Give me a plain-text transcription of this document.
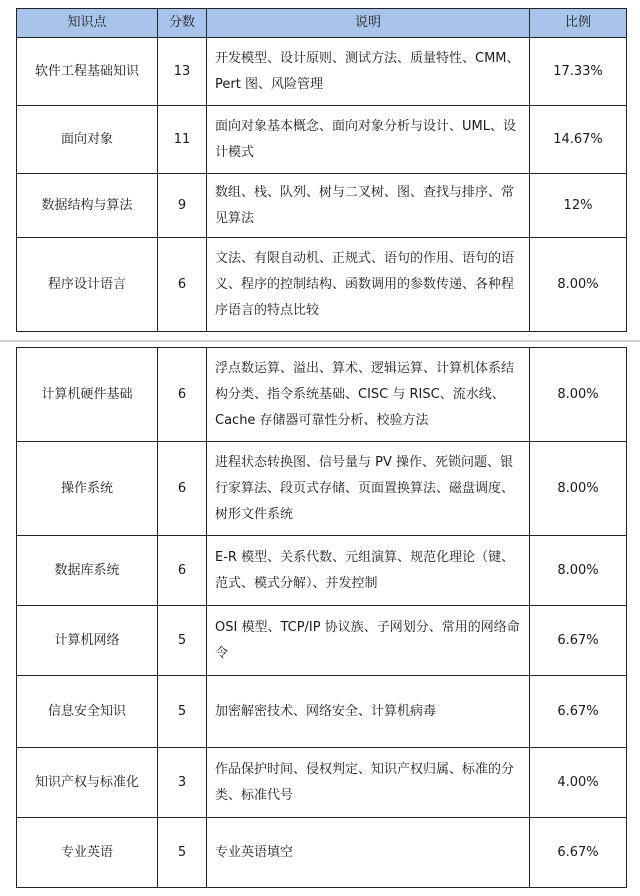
知识点	分数	说明	比例
软件工程基础知识	13	开发模型、设计原则、测试方法、质量特性、CMM、Pert 图、风险管理	17.33%
面向对象	11	面向对象基本概念、面向对象分析与设计、UML、设计模式	14.67%
数据结构与算法	9	数组、栈、队列、树与二叉树、图、查找与排序、常见算法	12%
程序设计语言	6	文法、有限自动机、正规式、语句的作用、语句的语义、程序的控制结构、函数调用的参数传递、各种程序语言的特点比较	8.00%
计算机硬件基础	6	浮点数运算、溢出、算术、逻辑运算、计算机体系结构分类、指令系统基础、CISC 与 RISC、流水线、Cache 存储器可靠性分析、校验方法	8.00%
操作系统	6	进程状态转换图、信号量与 PV 操作、死锁问题、银行家算法、段页式存储、页面置换算法、磁盘调度、树形文件系统	8.00%
数据库系统	6	E-R 模型、关系代数、元组演算、规范化理论（键、范式、模式分解）、并发控制	8.00%
计算机网络	5	OSI 模型、TCP/IP 协议族、子网划分、常用的网络命令	6.67%
信息安全知识	5	加密解密技术、网络安全、计算机病毒	6.67%
知识产权与标准化	3	作品保护时间、侵权判定、知识产权归属、标准的分类、标准代号	4.00%
专业英语	5	专业英语填空	6.67%
